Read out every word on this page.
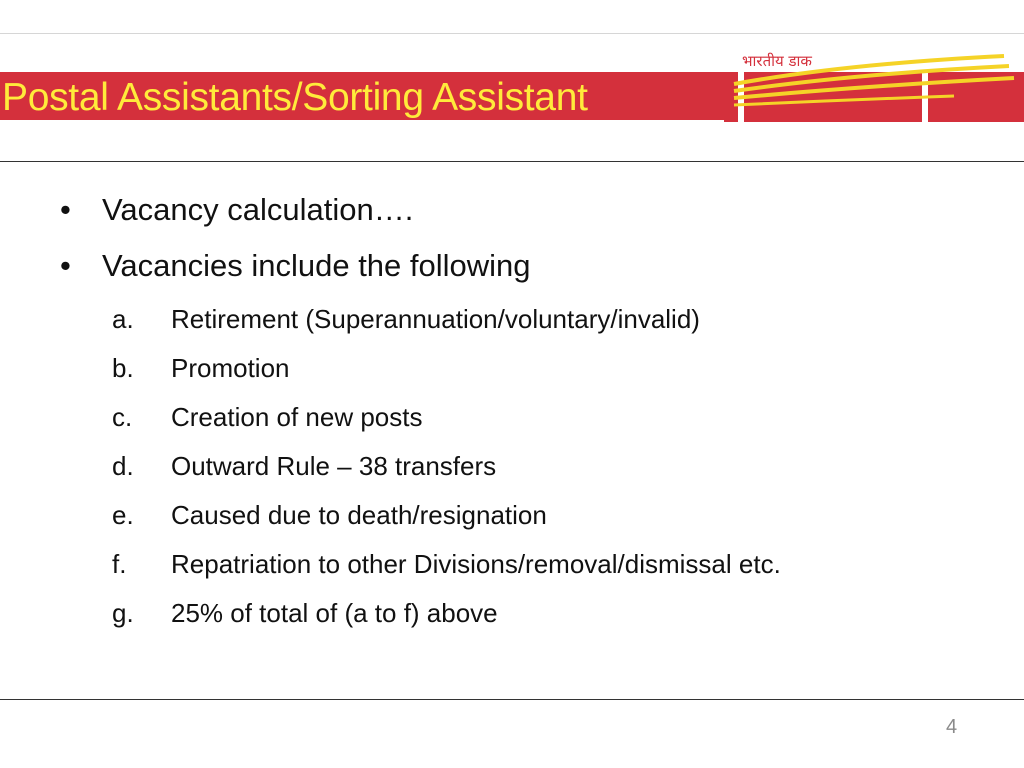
भारतीय डाक
Postal Assistants/Sorting Assistant
• Vacancy calculation….
• Vacancies include the following
a. Retirement (Superannuation/voluntary/invalid)
b. Promotion
c. Creation of new posts
d. Outward Rule – 38 transfers
e. Caused due to death/resignation
f. Repatriation to other Divisions/removal/dismissal etc.
g. 25% of total of (a to f) above
4
